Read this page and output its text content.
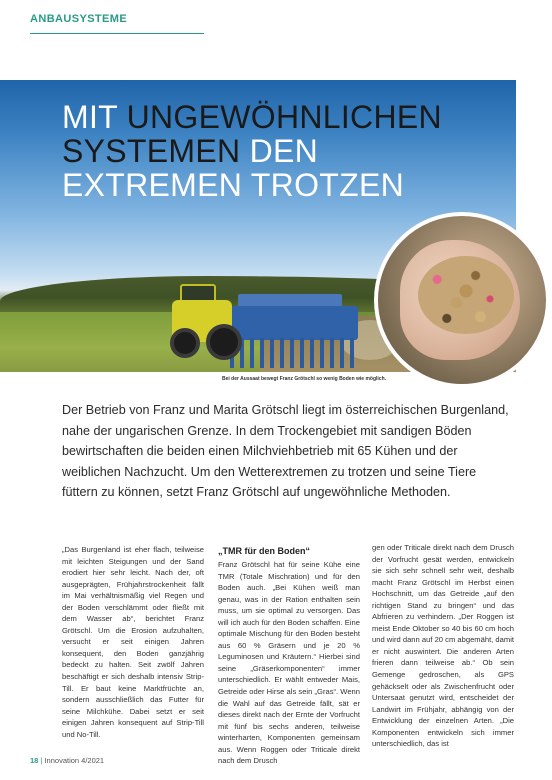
ANBAUSYSTEME
MIT UNGEWÖHNLICHEN SYSTEMEN DEN EXTREMEN TROTZEN
Bei der Aussaat bewegt Franz Grötschl so wenig Boden wie möglich.
Der Betrieb von Franz und Marita Grötschl liegt im österreichischen Burgenland, nahe der ungarischen Grenze. In dem Trockengebiet mit sandigen Böden bewirtschaften die beiden einen Milchviehbetrieb mit 65 Kühen und der weiblichen Nachzucht. Um den Wetterextremen zu trotzen und seine Tiere füttern zu können, setzt Franz Grötschl auf ungewöhnliche Methoden.
„Das Burgenland ist eher flach, teilweise mit leichten Steigungen und der Sand erodiert hier sehr leicht. Nach der, oft ausgeprägten, Frühjahrstrockenheit fällt im Mai verhältnismäßig viel Regen und der Boden verschlämmt oder fließt mit dem Wasser ab“, berichtet Franz Grötschl. Um die Erosion aufzuhalten, versucht er seit einigen Jahren konsequent, den Boden ganzjährig bedeckt zu halten. Seit zwölf Jahren beschäftigt er sich deshalb intensiv Strip-Till. Er baut keine Marktfrüchte an, sondern ausschließlich das Futter für seine Milchkühe. Dabei setzt er seit einigen Jahren konsequent auf Strip-Till und No-Till.
„TMR für den Boden“
Franz Grötschl hat für seine Kühe eine TMR (Totale Mischration) und für den Boden auch. „Bei Kühen weiß man genau, was in der Ration enthalten sein muss, um sie optimal zu versorgen. Das will ich auch für den Boden schaffen. Eine optimale Mischung für den Boden besteht aus 60 % Gräsern und je 20 % Leguminosen und Kräutern.“ Hierbei sind seine „Gräserkomponenten“ immer unterschiedlich. Er wählt entweder Mais, Getreide oder Hirse als sein „Gras“. Wenn die Wahl auf das Getreide fällt, sät er dieses direkt nach der Ernte der Vorfrucht mit fünf bis sechs anderen, teilweise winterharten, Komponenten gemeinsam aus. Wenn Roggen oder Triticale direkt nach dem Drusch
gen oder Triticale direkt nach dem Drusch der Vorfrucht gesät werden, entwickeln sie sich sehr schnell sehr weit, deshalb macht Franz Grötschl im Herbst einen Hochschnitt, um das Getreide „auf den richtigen Stand zu bringen“ und das Abfrieren zu verhindern. „Der Roggen ist meist Ende Oktober so 40 bis 60 cm hoch und wird dann auf 20 cm abgemäht, damit er nicht auswintert. Die anderen Arten frieren dann teilweise ab.“ Ob sein Gemenge gedroschen, als GPS gehäckselt oder als Zwischenfrucht oder Untersaat genutzt wird, entscheidet der Landwirt im Frühjahr, abhängig von der Entwicklung der einzelnen Arten. „Die Komponenten entwickeln sich immer unterschiedlich, das ist
18 | Innovation 4/2021
